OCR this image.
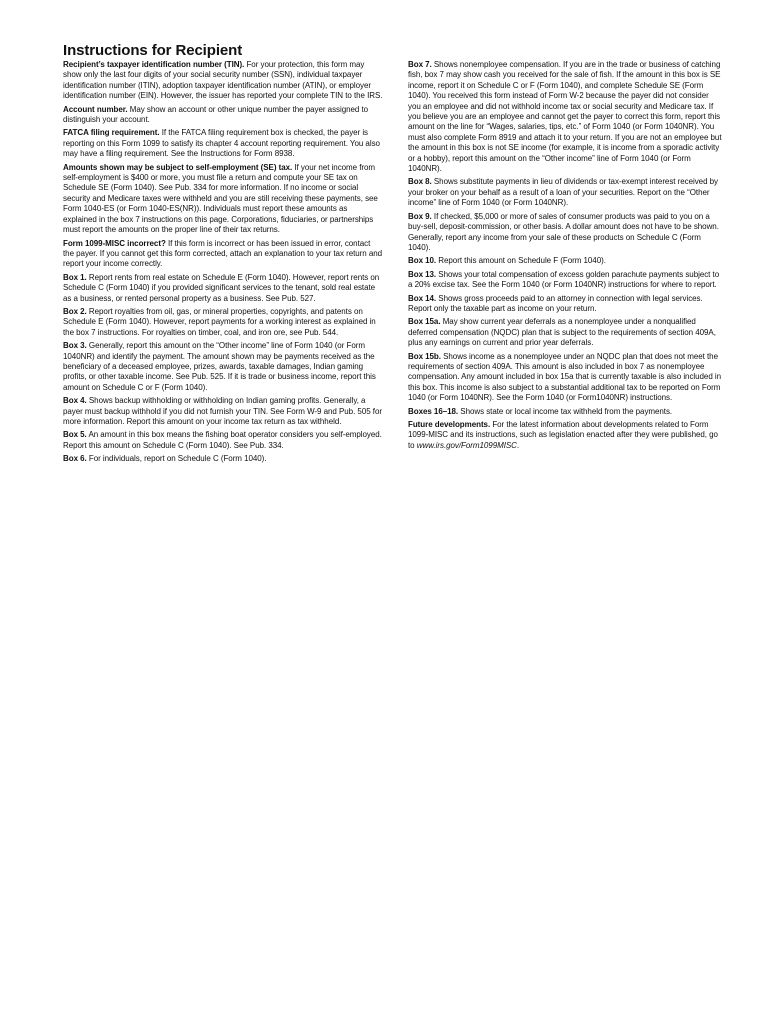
Instructions for Recipient

Recipient’s taxpayer identification number (TIN). For your protection, this form may show only the last four digits of your social security number (SSN), individual taxpayer identification number (ITIN), adoption taxpayer identification number (ATIN), or employer identification number (EIN). However, the issuer has reported your complete TIN to the IRS.

Account number. May show an account or other unique number the payer assigned to distinguish your account.

FATCA filing requirement. If the FATCA filing requirement box is checked, the payer is reporting on this Form 1099 to satisfy its chapter 4 account reporting requirement. You also may have a filing requirement. See the Instructions for Form 8938.

Amounts shown may be subject to self-employment (SE) tax. If your net income from self-employment is $400 or more, you must file a return and compute your SE tax on Schedule SE (Form 1040). See Pub. 334 for more information. If no income or social security and Medicare taxes were withheld and you are still receiving these payments, see Form 1040-ES (or Form 1040-ES(NR)). Individuals must report these amounts as explained in the box 7 instructions on this page. Corporations, fiduciaries, or partnerships must report the amounts on the proper line of their tax returns.

Form 1099-MISC incorrect? If this form is incorrect or has been issued in error, contact the payer. If you cannot get this form corrected, attach an explanation to your tax return and report your income correctly.

Box 1. Report rents from real estate on Schedule E (Form 1040). However, report rents on Schedule C (Form 1040) if you provided significant services to the tenant, sold real estate as a business, or rented personal property as a business. See Pub. 527.

Box 2. Report royalties from oil, gas, or mineral properties, copyrights, and patents on Schedule E (Form 1040). However, report payments for a working interest as explained in the box 7 instructions. For royalties on timber, coal, and iron ore, see Pub. 544.

Box 3. Generally, report this amount on the “Other income” line of Form 1040 (or Form 1040NR) and identify the payment. The amount shown may be payments received as the beneficiary of a deceased employee, prizes, awards, taxable damages, Indian gaming profits, or other taxable income. See Pub. 525. If it is trade or business income, report this amount on Schedule C or F (Form 1040).

Box 4. Shows backup withholding or withholding on Indian gaming profits. Generally, a payer must backup withhold if you did not furnish your TIN. See Form W-9 and Pub. 505 for more information. Report this amount on your income tax return as tax withheld.

Box 5. An amount in this box means the fishing boat operator considers you self-employed. Report this amount on Schedule C (Form 1040). See Pub. 334.

Box 6. For individuals, report on Schedule C (Form 1040).

Box 7. Shows nonemployee compensation. If you are in the trade or business of catching fish, box 7 may show cash you received for the sale of fish. If the amount in this box is SE income, report it on Schedule C or F (Form 1040), and complete Schedule SE (Form 1040). You received this form instead of Form W-2 because the payer did not consider you an employee and did not withhold income tax or social security and Medicare tax. If you believe you are an employee and cannot get the payer to correct this form, report this amount on the line for “Wages, salaries, tips, etc.” of Form 1040 (or Form 1040NR). You must also complete Form 8919 and attach it to your return. If you are not an employee but the amount in this box is not SE income (for example, it is income from a sporadic activity or a hobby), report this amount on the “Other income” line of Form 1040 (or Form 1040NR).

Box 8. Shows substitute payments in lieu of dividends or tax-exempt interest received by your broker on your behalf as a result of a loan of your securities. Report on the “Other income” line of Form 1040 (or Form 1040NR).

Box 9. If checked, $5,000 or more of sales of consumer products was paid to you on a buy-sell, deposit-commission, or other basis. A dollar amount does not have to be shown. Generally, report any income from your sale of these products on Schedule C (Form 1040).

Box 10. Report this amount on Schedule F (Form 1040).

Box 13. Shows your total compensation of excess golden parachute payments subject to a 20% excise tax. See the Form 1040 (or Form 1040NR) instructions for where to report.

Box 14. Shows gross proceeds paid to an attorney in connection with legal services. Report only the taxable part as income on your return.

Box 15a. May show current year deferrals as a nonemployee under a nonqualified deferred compensation (NQDC) plan that is subject to the requirements of section 409A, plus any earnings on current and prior year deferrals.

Box 15b. Shows income as a nonemployee under an NQDC plan that does not meet the requirements of section 409A. This amount is also included in box 7 as nonemployee compensation. Any amount included in box 15a that is currently taxable is also included in this box. This income is also subject to a substantial additional tax to be reported on Form 1040 (or Form 1040NR). See the Form 1040 (or Form1040NR) instructions.

Boxes 16–18. Shows state or local income tax withheld from the payments.

Future developments. For the latest information about developments related to Form 1099-MISC and its instructions, such as legislation enacted after they were published, go to www.irs.gov/Form1099MISC.
